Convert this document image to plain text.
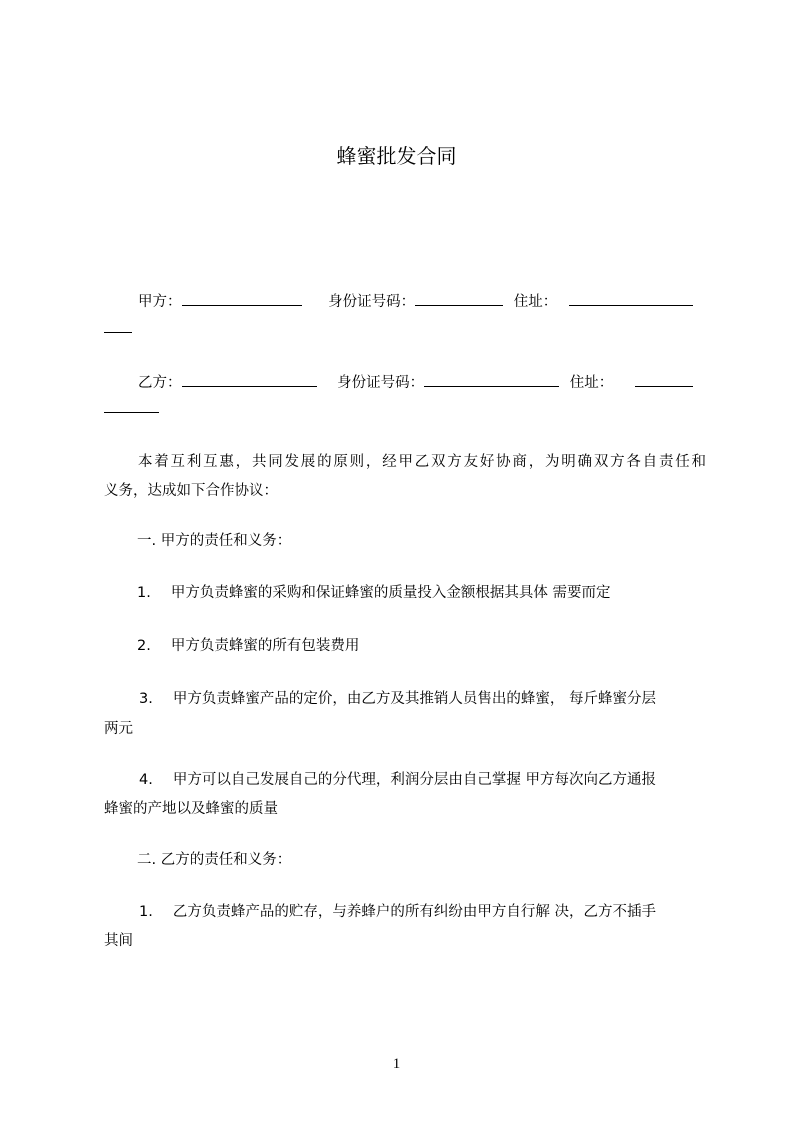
蜂蜜批发合同
甲方：	身份证号码：	住址：
乙方：	身份证号码：	住址：
本着互利互惠，共同发展的原则，经甲乙双方友好协商，为明确双方各自责任和
义务，达成如下合作协议：
一. 甲方的责任和义务：
1. 甲方负责蜂蜜的采购和保证蜂蜜的质量投入金额根据其具体 需要而定
2. 甲方负责蜂蜜的所有包装费用
3. 甲方负责蜂蜜产品的定价，由乙方及其推销人员售出的蜂蜜， 每斤蜂蜜分层
两元
4. 甲方可以自己发展自己的分代理，利润分层由自己掌握 甲方每次向乙方通报
蜂蜜的产地以及蜂蜜的质量
二. 乙方的责任和义务：
1. 乙方负责蜂产品的贮存，与养蜂户的所有纠纷由甲方自行解 决，乙方不插手
其间
1
